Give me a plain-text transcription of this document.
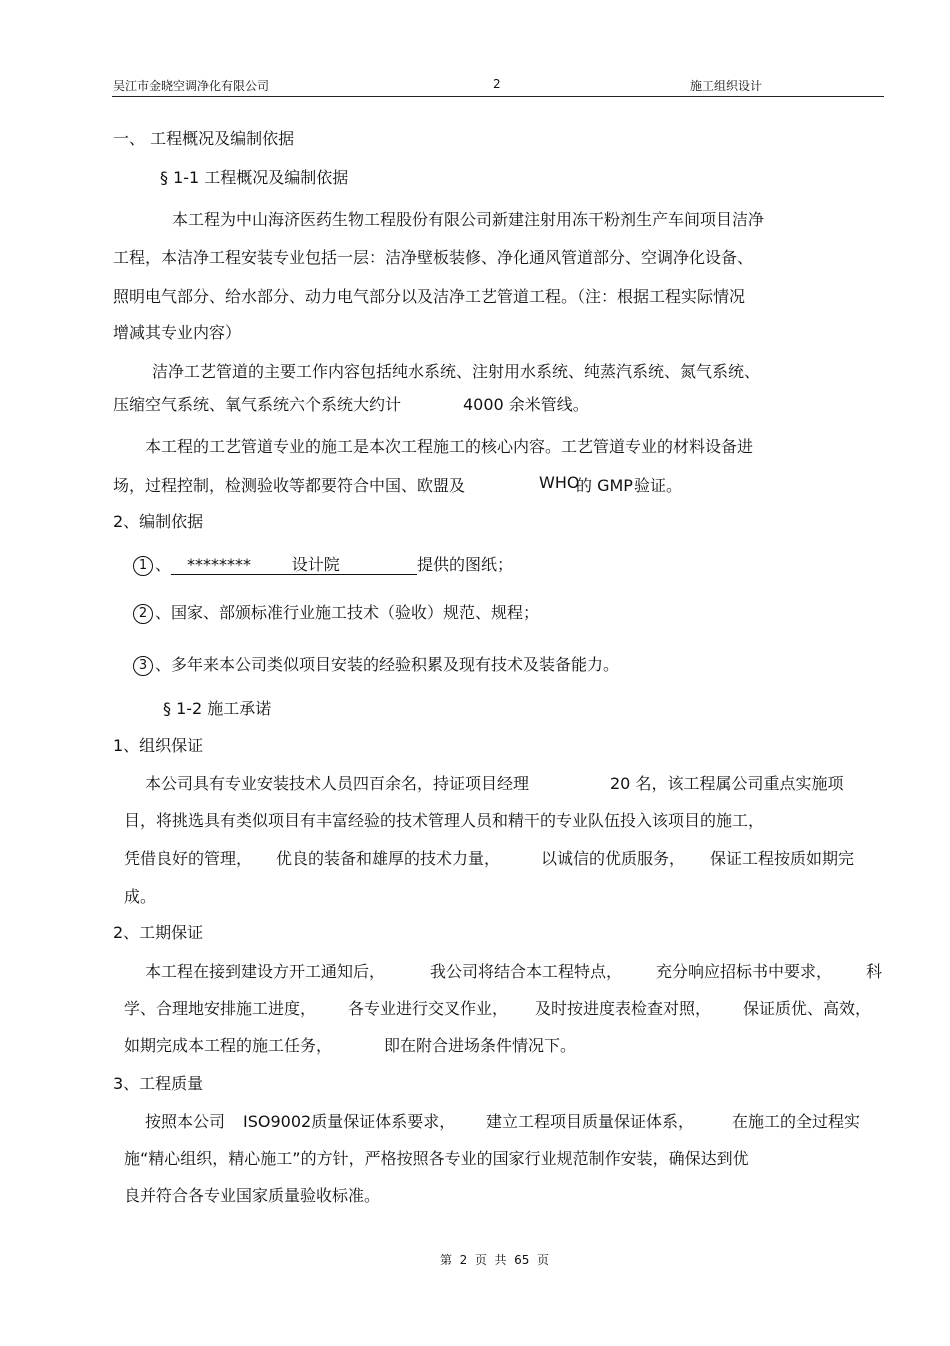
吴江市金晓空调净化有限公司	2	施工组织设计
一、 工程概况及编制依据
§ 1-1 工程概况及编制依据
本工程为中山海济医药生物工程股份有限公司新建注射用冻干粉剂生产车间项目洁净
工程，本洁净工程安装专业包括一层：洁净壁板装修、净化通风管道部分、空调净化设备、
照明电气部分、给水部分、动力电气部分以及洁净工艺管道工程。（注：根据工程实际情况
增减其专业内容）
洁净工艺管道的主要工作内容包括纯水系统、注射用水系统、纯蒸汽系统、氮气系统、
压缩空气系统、氧气系统六个系统大约计	4000 余米管线。
本工程的工艺管道专业的施工是本次工程施工的核心内容。工艺管道专业的材料设备进
场，过程控制，检测验收等都要符合中国、欧盟及	WHO
的 GMP 验证。
2、编制依据
1 、 ********        设计院	提供的图纸；
2 、国家、部颁标准行业施工技术（验收）规范、规程；
3 、多年来本公司类似项目安装的经验积累及现有技术及装备能力。
§ 1-2 施工承诺
1、组织保证
本公司具有专业安装技术人员四百余名，持证项目经理	20 名，该工程属公司重点实施项
目，将挑选具有类似项目有丰富经验的技术管理人员和精干的专业队伍投入该项目的施工，
凭借良好的管理， 优良的装备和雄厚的技术力量，	以诚信的优质服务， 保证工程按质如期完
成。
2、工期保证
本工程在接到建设方开工通知后，	我公司将结合本工程特点， 充分响应招标书中要求， 科
学、合理地安排施工进度， 各专业进行交叉作业， 及时按进度表检查对照， 保证质优、高效，
如期完成本工程的施工任务，	即在附合进场条件情况下。
3、工程质量
按照本公司 ISO9002质量保证体系要求， 建立工程项目质量保证体系， 在施工的全过程实
施“精心组织，精心施工”的方针，严格按照各专业的国家行业规范制作安装，确保达到优
良并符合各专业国家质量验收标准。
第  2  页  共  65  页
